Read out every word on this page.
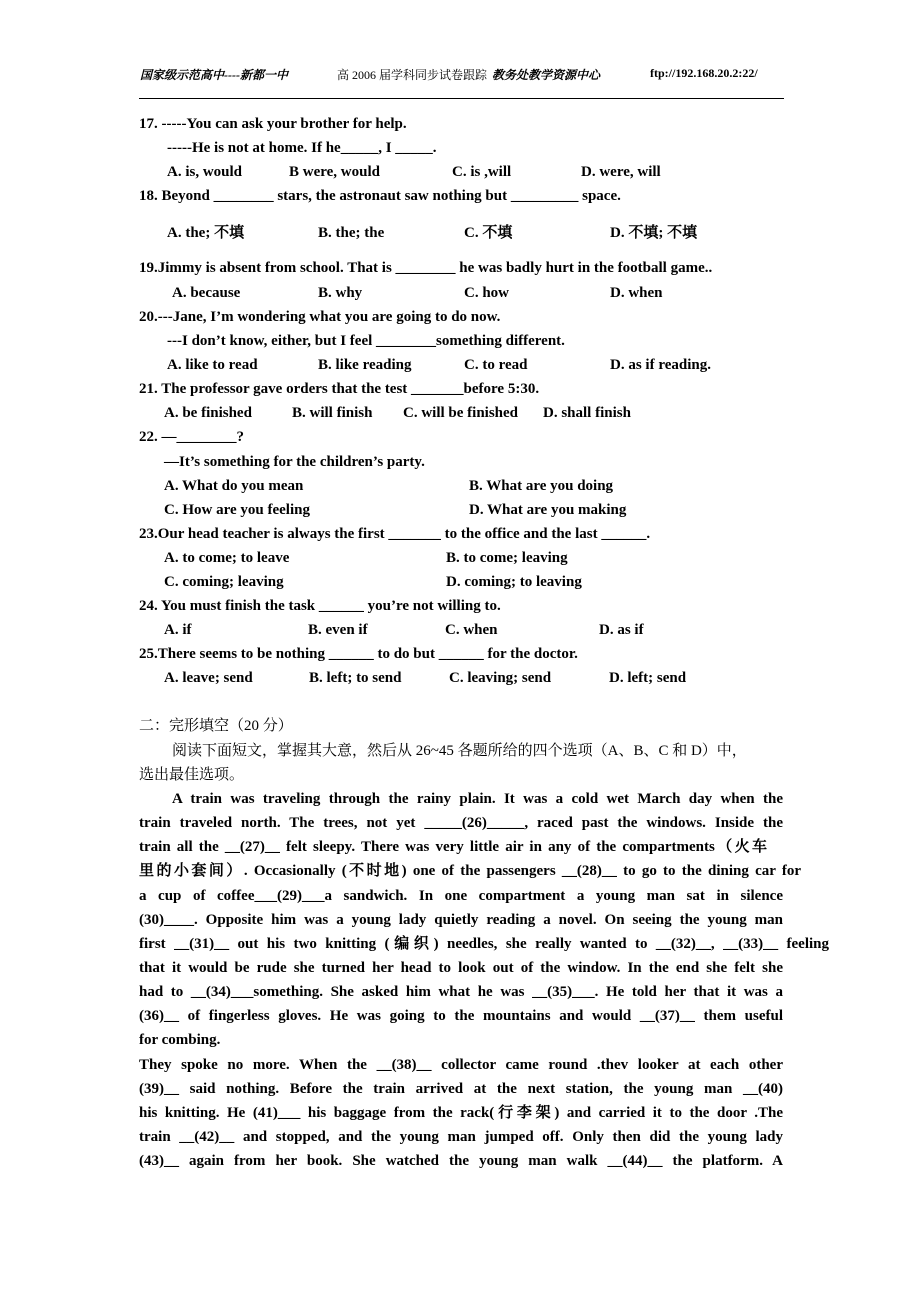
国家级示范高中----新都一中	高 2006 届学科同步试卷跟踪 教务处教学资源中心	ftp://192.168.20.2:22/
17. -----You can ask your brother for help.
-----He is not at home. If he_____, I _____.
A. is, would	B were, would	C. is ,will	D. were, will
18. Beyond ________ stars, the astronaut saw nothing but _________ space.
A. the; 不填	B. the; the	C. 不填	D. 不填; 不填
19.Jimmy is absent from school. That is ________ he was badly hurt in the football game..
A. because	B. why	C. how	D. when
20.---Jane, I’m wondering what you are going to do now.
---I don’t know, either, but I feel ________something different.
A. like to read	B. like reading	C. to read	D. as if reading.
21. The professor gave orders that the test _______before 5:30.
A. be finished	B. will finish C. will be finished D. shall finish
22. —________?
—It’s something for the children’s party.
A. What do you mean	B. What are you doing
C. How are you feeling	D. What are you making
23.Our head teacher is always the first _______ to the office and the last ______.
A. to come; to leave	B. to come; leaving
C. coming; leaving	D. coming; to leaving
24. You must finish the task ______ you’re not willing to.
A. if	B. even if	C. when	D. as if
25.There seems to be nothing ______ to do but ______ for the doctor.
A. leave; send	B. left; to send	C. leaving; send	D. left; send
二：完形填空（20 分）
阅读下面短文，掌握其大意，然后从 26~45 各题所给的四个选项（A、B、C 和 D）中，
选出最佳选项。
A train was traveling through the rainy plain. It was a cold wet March day when the
train traveled north. The trees, not yet _____(26)_____, raced past the windows. Inside the
train all the __(27)__ felt sleepy. There was very little air in any of the compartments（火车
里的小套间）. Occasionally (不时地) one of the passengers __(28)__ to go to the dining car for
a cup of coffee___(29)___a sandwich. In one compartment a young man sat in silence
(30)____. Opposite him was a young lady quietly reading a novel. On seeing the young man
first __(31)__ out his two knitting (编织) needles, she really wanted to __(32)__, __(33)__ feeling
that it would be rude she turned her head to look out of the window. In the end she felt she
had to __(34)___something. She asked him what he was __(35)___. He told her that it was a
(36)__ of fingerless gloves. He was going to the mountains and would __(37)__ them useful
for combing.
They spoke no more. When the __(38)__ collector came round .thev looker at each other
(39)__ said nothing. Before the train arrived at the next station, the young man __(40)
his knitting. He (41)___ his baggage from the rack(行李架) and carried it to the door .The
train __(42)__ and stopped, and the young man jumped off. Only then did the young lady
(43)__ again from her book. She watched the young man walk __(44)__ the platform. A
